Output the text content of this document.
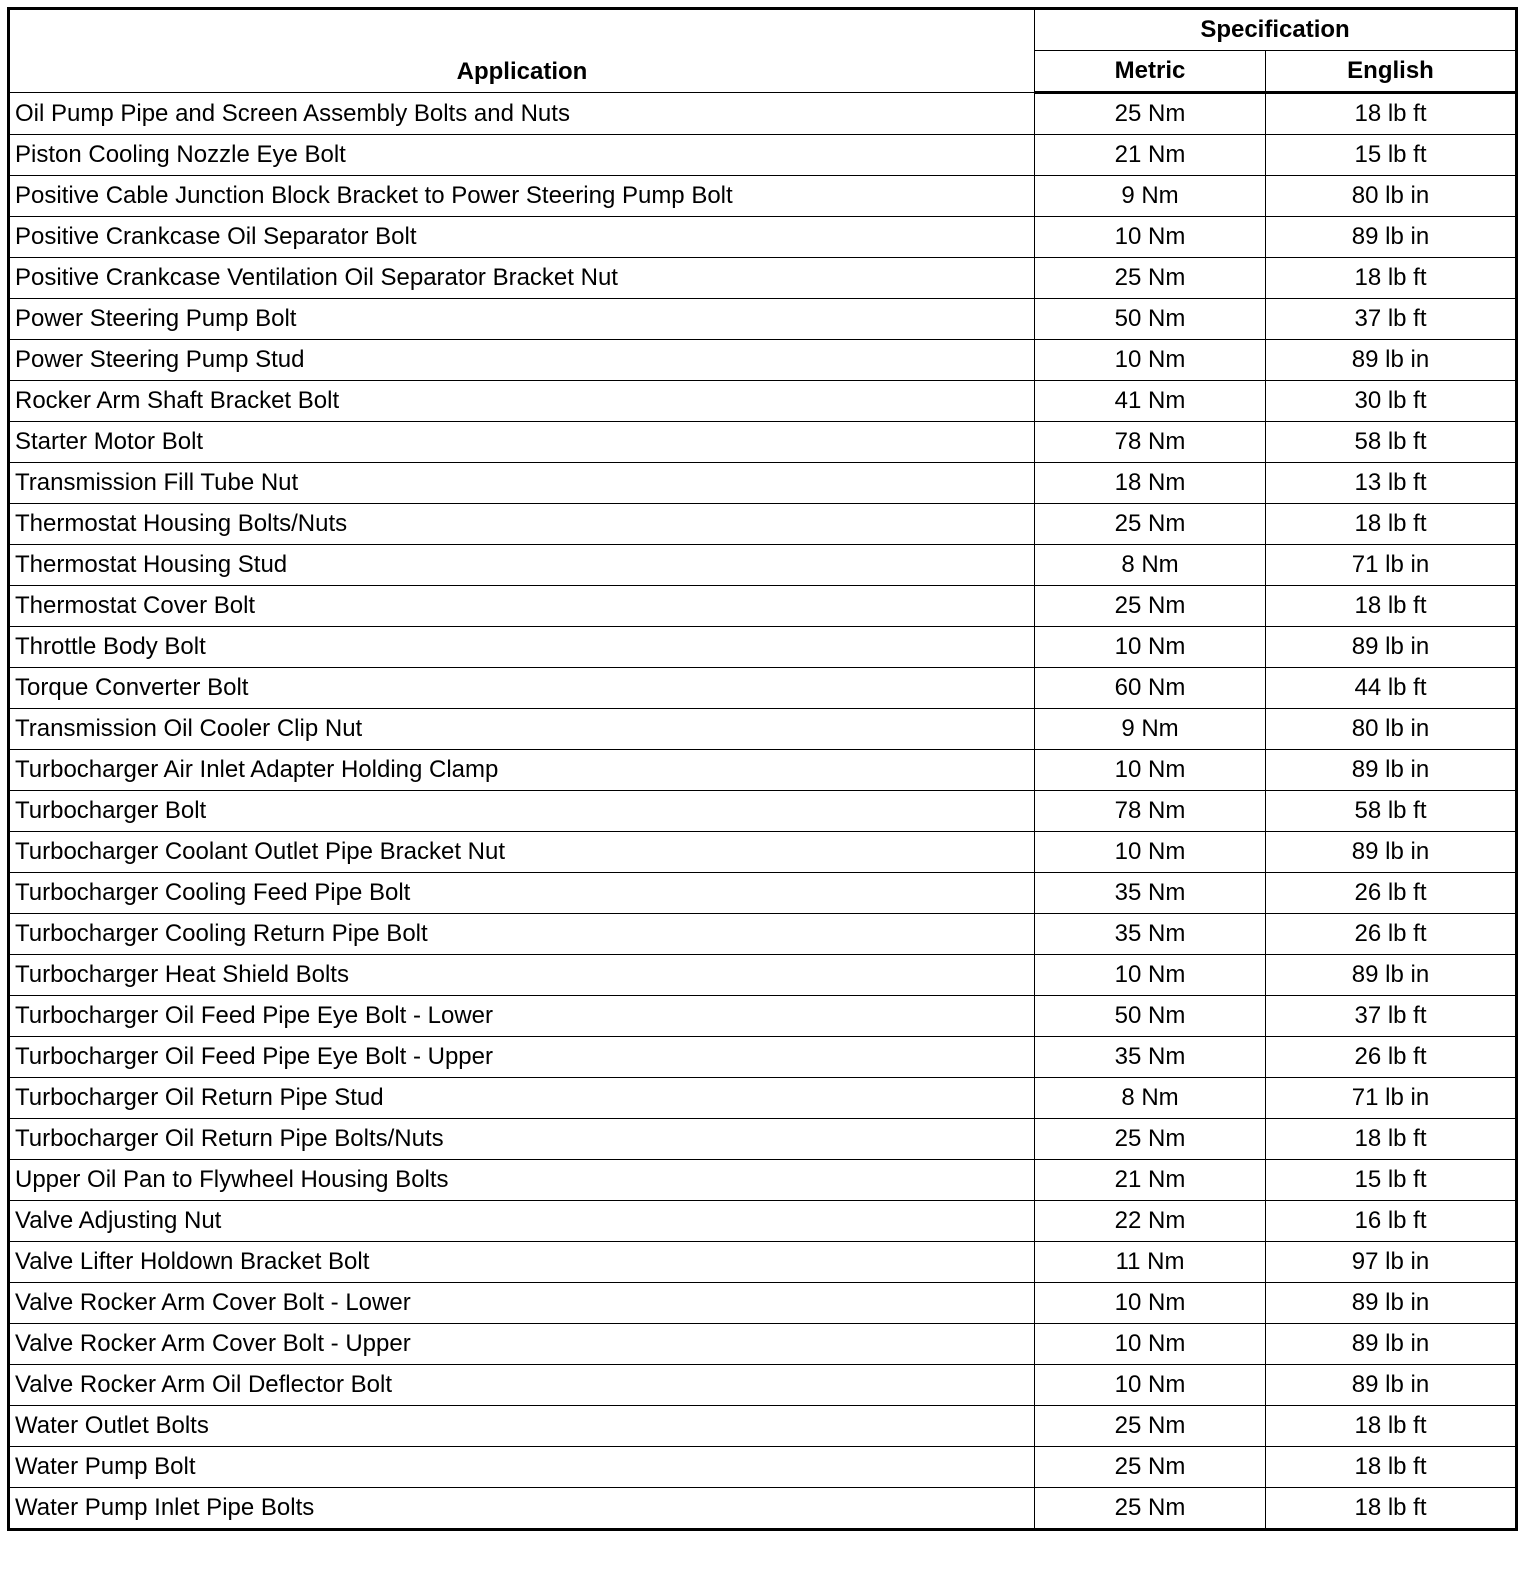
Application	Specification	
	Metric	English
Oil Pump Pipe and Screen Assembly Bolts and Nuts	25 Nm	18 lb ft
Piston Cooling Nozzle Eye Bolt	21 Nm	15 lb ft
Positive Cable Junction Block Bracket to Power Steering Pump Bolt	9 Nm	80 lb in
Positive Crankcase Oil Separator Bolt	10 Nm	89 lb in
Positive Crankcase Ventilation Oil Separator Bracket Nut	25 Nm	18 lb ft
Power Steering Pump Bolt	50 Nm	37 lb ft
Power Steering Pump Stud	10 Nm	89 lb in
Rocker Arm Shaft Bracket Bolt	41 Nm	30 lb ft
Starter Motor Bolt	78 Nm	58 lb ft
Transmission Fill Tube Nut	18 Nm	13 lb ft
Thermostat Housing Bolts/Nuts	25 Nm	18 lb ft
Thermostat Housing Stud	8 Nm	71 lb in
Thermostat Cover Bolt	25 Nm	18 lb ft
Throttle Body Bolt	10 Nm	89 lb in
Torque Converter Bolt	60 Nm	44 lb ft
Transmission Oil Cooler Clip Nut	9 Nm	80 lb in
Turbocharger Air Inlet Adapter Holding Clamp	10 Nm	89 lb in
Turbocharger Bolt	78 Nm	58 lb ft
Turbocharger Coolant Outlet Pipe Bracket Nut	10 Nm	89 lb in
Turbocharger Cooling Feed Pipe Bolt	35 Nm	26 lb ft
Turbocharger Cooling Return Pipe Bolt	35 Nm	26 lb ft
Turbocharger Heat Shield Bolts	10 Nm	89 lb in
Turbocharger Oil Feed Pipe Eye Bolt - Lower	50 Nm	37 lb ft
Turbocharger Oil Feed Pipe Eye Bolt - Upper	35 Nm	26 lb ft
Turbocharger Oil Return Pipe Stud	8 Nm	71 lb in
Turbocharger Oil Return Pipe Bolts/Nuts	25 Nm	18 lb ft
Upper Oil Pan to Flywheel Housing Bolts	21 Nm	15 lb ft
Valve Adjusting Nut	22 Nm	16 lb ft
Valve Lifter Holdown Bracket Bolt	11 Nm	97 lb in
Valve Rocker Arm Cover Bolt - Lower	10 Nm	89 lb in
Valve Rocker Arm Cover Bolt - Upper	10 Nm	89 lb in
Valve Rocker Arm Oil Deflector Bolt	10 Nm	89 lb in
Water Outlet Bolts	25 Nm	18 lb ft
Water Pump Bolt	25 Nm	18 lb ft
Water Pump Inlet Pipe Bolts	25 Nm	18 lb ft
